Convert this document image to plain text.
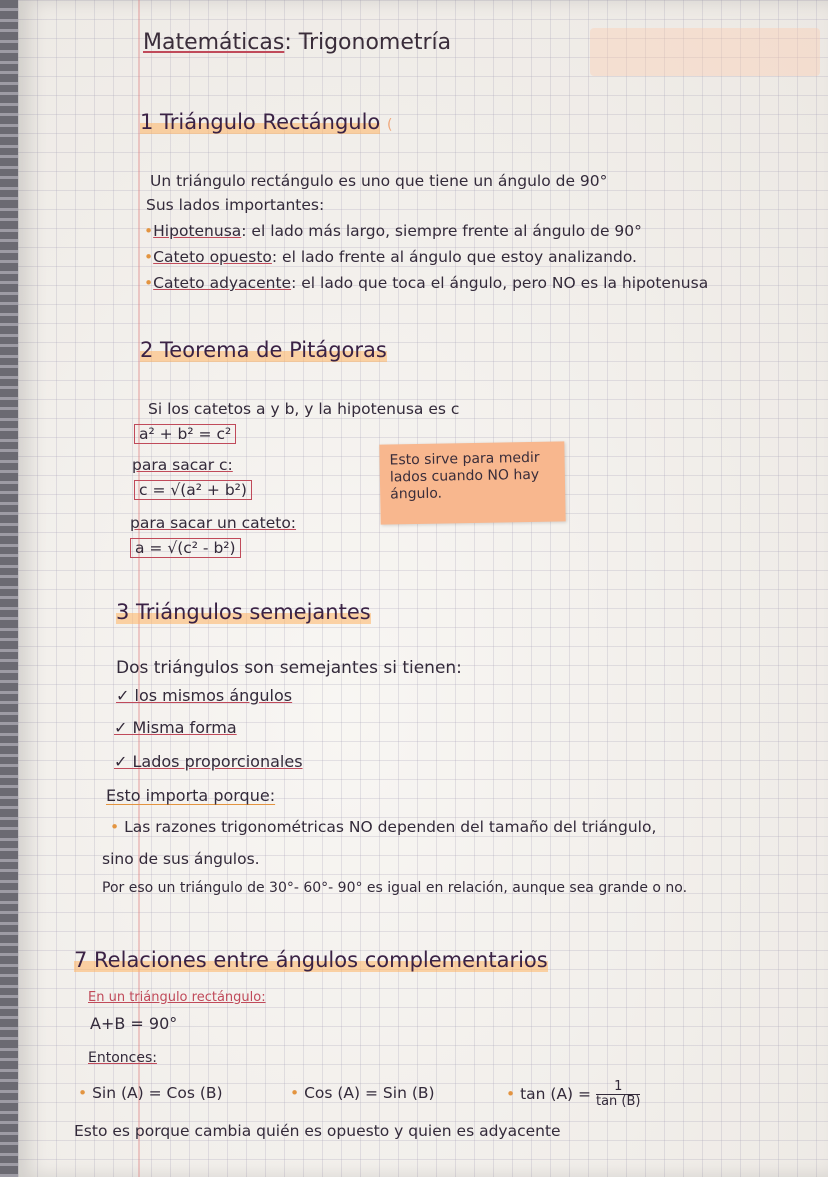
Matemáticas: Trigonometría
1 Triángulo Rectángulo (
Un triángulo rectángulo es uno que tiene un ángulo de 90°
Sus lados importantes:
•Hipotenusa: el lado más largo, siempre frente al ángulo de 90°
•Cateto opuesto: el lado frente al ángulo que estoy analizando.
•Cateto adyacente: el lado que toca el ángulo, pero NO es la hipotenusa
2 Teorema de Pitágoras
Si los catetos a y b, y la hipotenusa es c
a² + b² = c²
para sacar c:
c = √(a² + b²)
para sacar un cateto:
a = √(c² - b²)
Esto sirve para medir
lados cuando NO hay
ángulo.
3 Triángulos semejantes
Dos triángulos son semejantes si tienen:
✓ los mismos ángulos
✓ Misma forma
✓ Lados proporcionales
Esto importa porque:
• Las razones trigonométricas NO dependen del tamaño del triángulo,
sino de sus ángulos.
Por eso un triángulo de 30°- 60°- 90° es igual en relación, aunque sea grande o no.
7 Relaciones entre ángulos complementarios
En un triángulo rectángulo:
A+B = 90°
Entonces:
• Sin (A) = Cos (B)	• Cos (A) = Sin (B)	• $\tan (A) = \frac{1}{\tan (B)}$
Esto es porque cambia quién es opuesto y quien es adyacente
